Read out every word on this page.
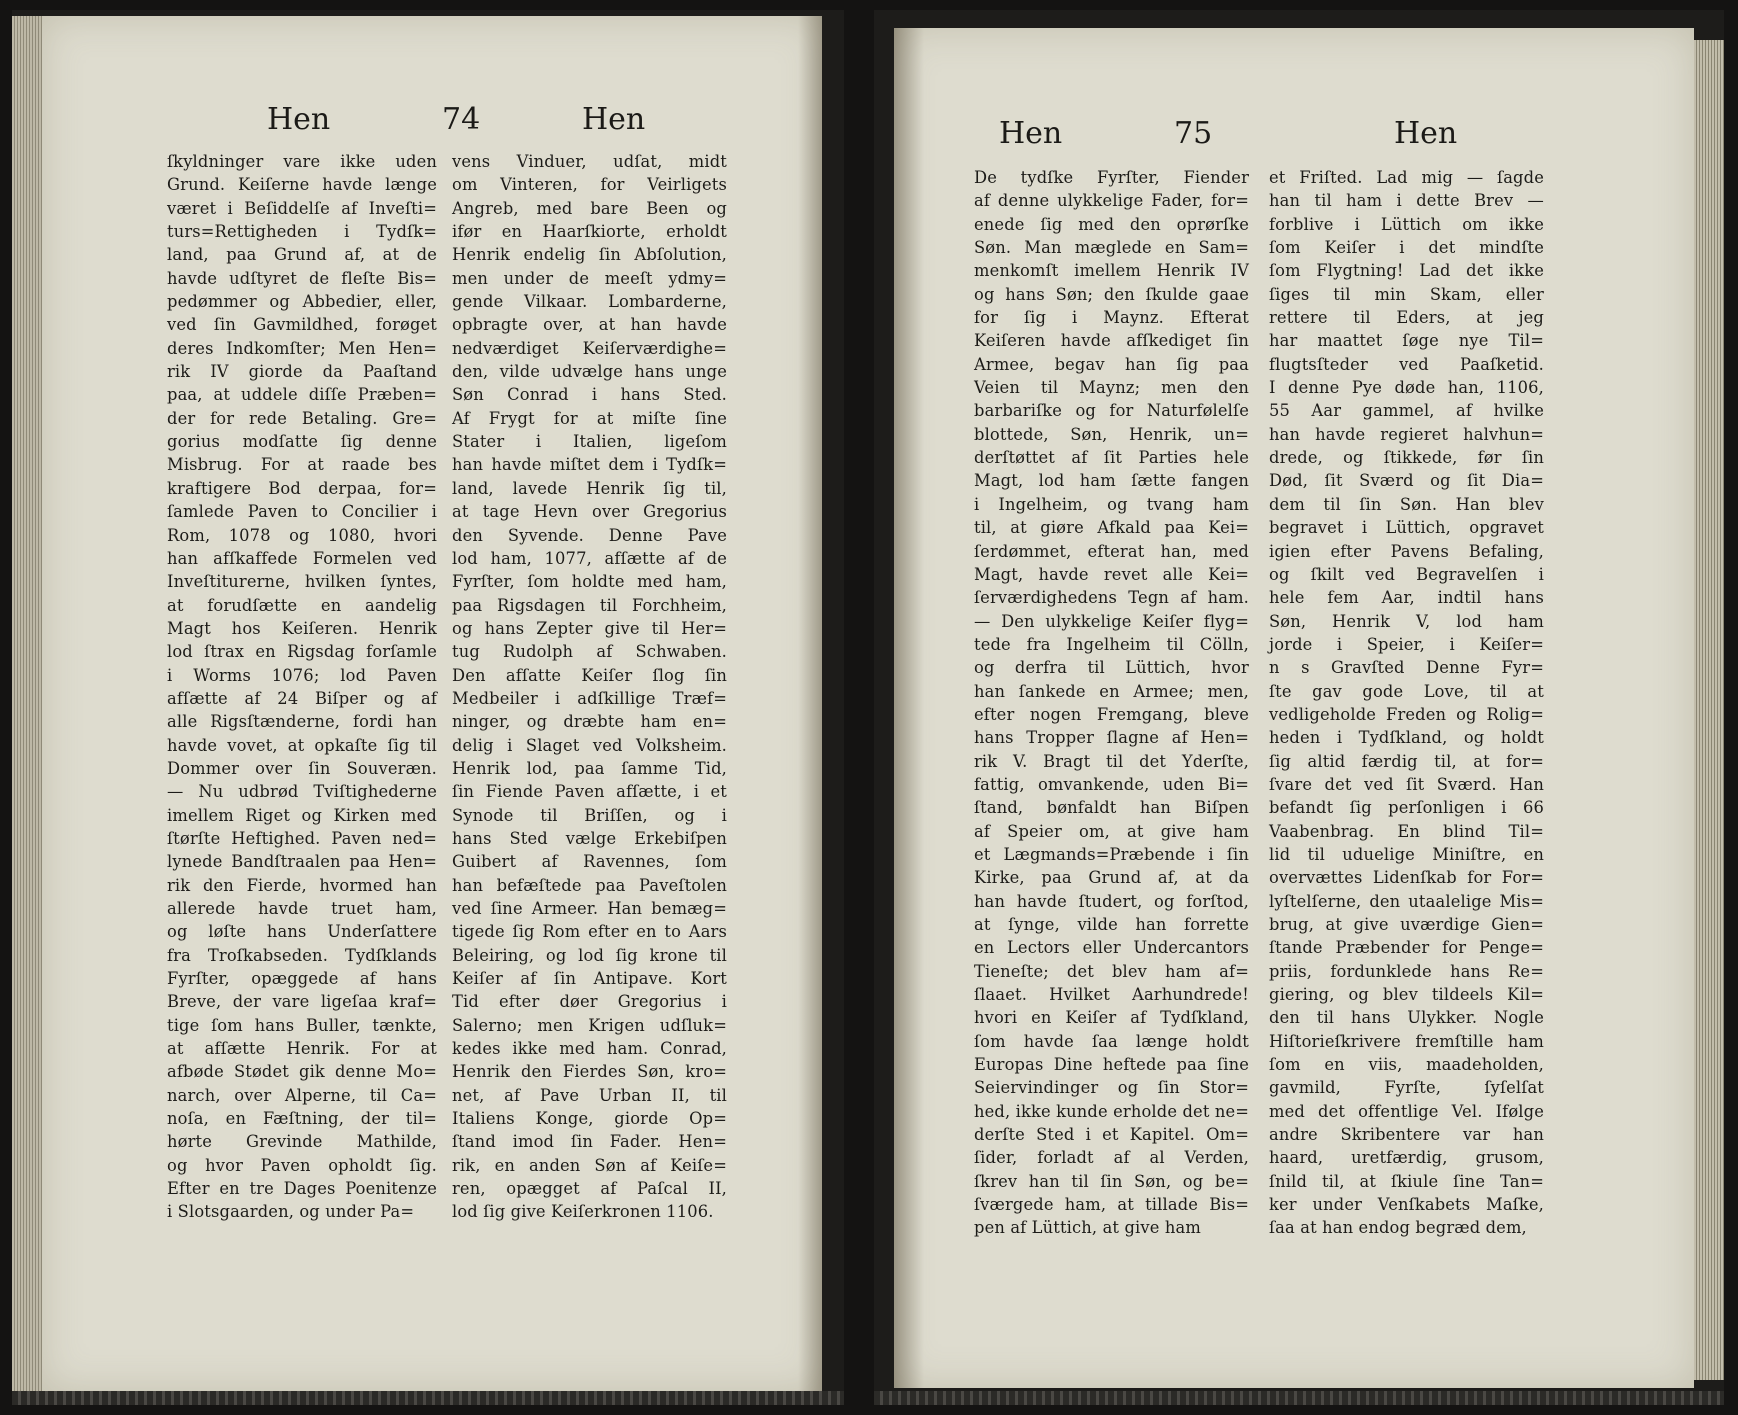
Hen	74	Hen
ſkyldninger vare ikke uden
Grund. Keiſerne havde længe
været i Beſiddelſe af Inveſti=
turs=Rettigheden i Tydſk=
land, paa Grund af, at de
havde udſtyret de fleſte Bis=
pedømmer og Abbedier, eller,
ved ſin Gavmildhed, forøget
deres Indkomſter; Men Hen=
rik IV giorde da Paaſtand
paa, at uddele diſſe Præben=
der for rede Betaling. Gre=
gorius modſatte ſig denne
Misbrug. For at raade bes
kraftigere Bod derpaa, for=
ſamlede Paven to Concilier i
Rom, 1078 og 1080, hvori
han afſkaffede Formelen ved
Inveſtiturerne, hvilken ſyntes,
at forudſætte en aandelig
Magt hos Keiſeren. Henrik
lod ſtrax en Rigsdag forſamle
i Worms 1076; lod Paven
afſætte af 24 Biſper og af
alle Rigsſtænderne, fordi han
havde vovet, at opkaſte ſig til
Dommer over ſin Souveræn.
— Nu udbrød Tviſtighederne
imellem Riget og Kirken med
ſtørſte Heftighed. Paven ned=
lynede Bandſtraalen paa Hen=
rik den Fierde, hvormed han
allerede havde truet ham,
og løſte hans Underſattere
fra Troſkabseden. Tydſklands
Fyrſter, opæggede af hans
Breve, der vare ligeſaa kraf=
tige ſom hans Buller, tænkte,
at afſætte Henrik. For at
afbøde Stødet gik denne Mo=
narch, over Alperne, til Ca=
noſa, en Fæſtning, der til=
hørte Grevinde Mathilde,
og hvor Paven opholdt ſig.
Efter en tre Dages Poenitenze
i Slotsgaarden, og under Pa=
vens Vinduer, udſat, midt
om Vinteren, for Veirligets
Angreb, med bare Been og
ifør en Haarſkiorte, erholdt
Henrik endelig ſin Abſolution,
men under de meeſt ydmy=
gende Vilkaar. Lombarderne,
opbragte over, at han havde
nedværdiget Keiſerværdighe=
den, vilde udvælge hans unge
Søn Conrad i hans Sted.
Af Frygt for at miſte ſine
Stater i Italien, ligeſom
han havde miſtet dem i Tydſk=
land, lavede Henrik ſig til,
at tage Hevn over Gregorius
den Syvende. Denne Pave
lod ham, 1077, afſætte af de
Fyrſter, ſom holdte med ham,
paa Rigsdagen til Forchheim,
og hans Zepter give til Her=
tug Rudolph af Schwaben.
Den afſatte Keiſer ſlog ſin
Medbeiler i adſkillige Træf=
ninger, og dræbte ham en=
delig i Slaget ved Volksheim.
Henrik lod, paa ſamme Tid,
ſin Fiende Paven afſætte, i et
Synode til Briſſen, og i
hans Sted vælge Erkebiſpen
Guibert af Ravennes, ſom
han befæſtede paa Paveſtolen
ved ſine Armeer. Han bemæg=
tigede ſig Rom efter en to Aars
Beleiring, og lod ſig krone til
Keiſer af ſin Antipave. Kort
Tid efter døer Gregorius i
Salerno; men Krigen udſluk=
kedes ikke med ham. Conrad,
Henrik den Fierdes Søn, kro=
net, af Pave Urban II, til
Italiens Konge, giorde Op=
ſtand imod ſin Fader. Hen=
rik, en anden Søn af Keiſe=
ren, opægget af Paſcal II,
lod ſig give Keiſerkronen 1106.
Hen	75	Hen
De tydſke Fyrſter, Fiender
af denne ulykkelige Fader, for=
enede ſig med den oprørſke
Søn. Man mæglede en Sam=
menkomſt imellem Henrik IV
og hans Søn; den ſkulde gaae
for ſig i Maynz. Efterat
Keiſeren havde afſkediget ſin
Armee, begav han ſig paa
Veien til Maynz; men den
barbariſke og for Naturfølelſe
blottede, Søn, Henrik, un=
derſtøttet af ſit Parties hele
Magt, lod ham ſætte fangen
i Ingelheim, og tvang ham
til, at giøre Afkald paa Kei=
ſerdømmet, efterat han, med
Magt, havde revet alle Kei=
ſerværdighedens Tegn af ham.
— Den ulykkelige Keiſer flyg=
tede fra Ingelheim til Cölln,
og derfra til Lüttich, hvor
han ſankede en Armee; men,
efter nogen Fremgang, bleve
hans Tropper ſlagne af Hen=
rik V. Bragt til det Yderſte,
fattig, omvankende, uden Bi=
ſtand, bønfaldt han Biſpen
af Speier om, at give ham
et Lægmands=Præbende i ſin
Kirke, paa Grund af, at da
han havde ſtudert, og forſtod,
at ſynge, vilde han forrette
en Lectors eller Undercantors
Tieneſte; det blev ham af=
ſlaaet. Hvilket Aarhundrede!
hvori en Keiſer af Tydſkland,
ſom havde ſaa længe holdt
Europas Dine heftede paa ſine
Seiervindinger og ſin Stor=
hed, ikke kunde erholde det ne=
derſte Sted i et Kapitel. Om=
ſider, forladt af al Verden,
ſkrev han til ſin Søn, og be=
ſværgede ham, at tillade Bis=
pen af Lüttich, at give ham
et Friſted. Lad mig — ſagde
han til ham i dette Brev —
forblive i Lüttich om ikke
ſom Keiſer i det mindſte
ſom Flygtning! Lad det ikke
ſiges til min Skam, eller
rettere til Eders, at jeg
har maattet ſøge nye Til=
flugtsſteder ved Paaſketid.
I denne Pye døde han, 1106,
55 Aar gammel, af hvilke
han havde regieret halvhun=
drede, og ſtikkede, før ſin
Død, ſit Sværd og ſit Dia=
dem til ſin Søn. Han blev
begravet i Lüttich, opgravet
igien efter Pavens Befaling,
og ſkilt ved Begravelſen i
hele fem Aar, indtil hans
Søn, Henrik V, lod ham
jorde i Speier, i Keiſer=
n s Gravſted Denne Fyr=
ſte gav gode Love, til at
vedligeholde Freden og Rolig=
heden i Tydſkland, og holdt
ſig altid færdig til, at for=
ſvare det ved ſit Sværd. Han
befandt ſig perſonligen i 66
Vaabenbrag. En blind Til=
lid til uduelige Miniſtre, en
overvættes Lidenſkab for For=
lyſtelſerne, den utaalelige Mis=
brug, at give uværdige Gien=
ſtande Præbender for Penge=
priis, fordunklede hans Re=
giering, og blev tildeels Kil=
den til hans Ulykker. Nogle
Hiſtorieſkrivere fremſtille ham
ſom en viis, maadeholden,
gavmild, Fyrſte, ſyſelſat
med det offentlige Vel. Ifølge
andre Skribentere var han
haard, uretfærdig, grusom,
ſnild til, at ſkiule ſine Tan=
ker under Venſkabets Maſke,
ſaa at han endog begræd dem,
